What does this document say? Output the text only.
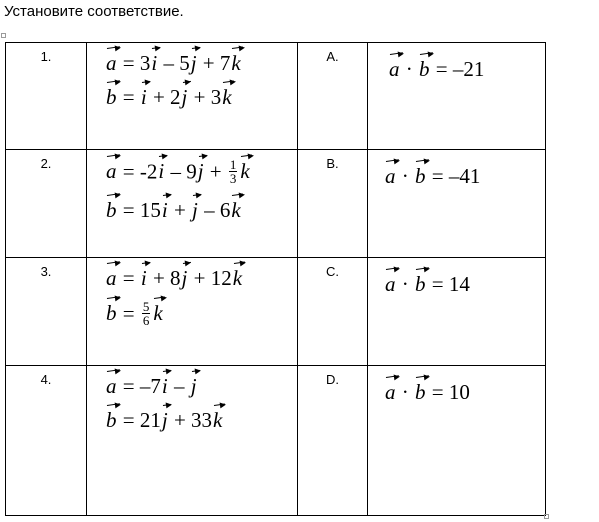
Установите соответствие.
1.	a = 3i – 5j + 7k
b = i + 2j + 3k	A.	a · b = –21

2.	$a = -2i - 9j + \frac{1}{3}$ k
b = 15i + j – 6k	B.	a · b = –41

3.	a = i + 8j + 12k
$b = \frac{5}{6}$ k	C.	a · b = 14

4.	a = –7i – j
b = 21j + 33k	D.	a · b = 10
